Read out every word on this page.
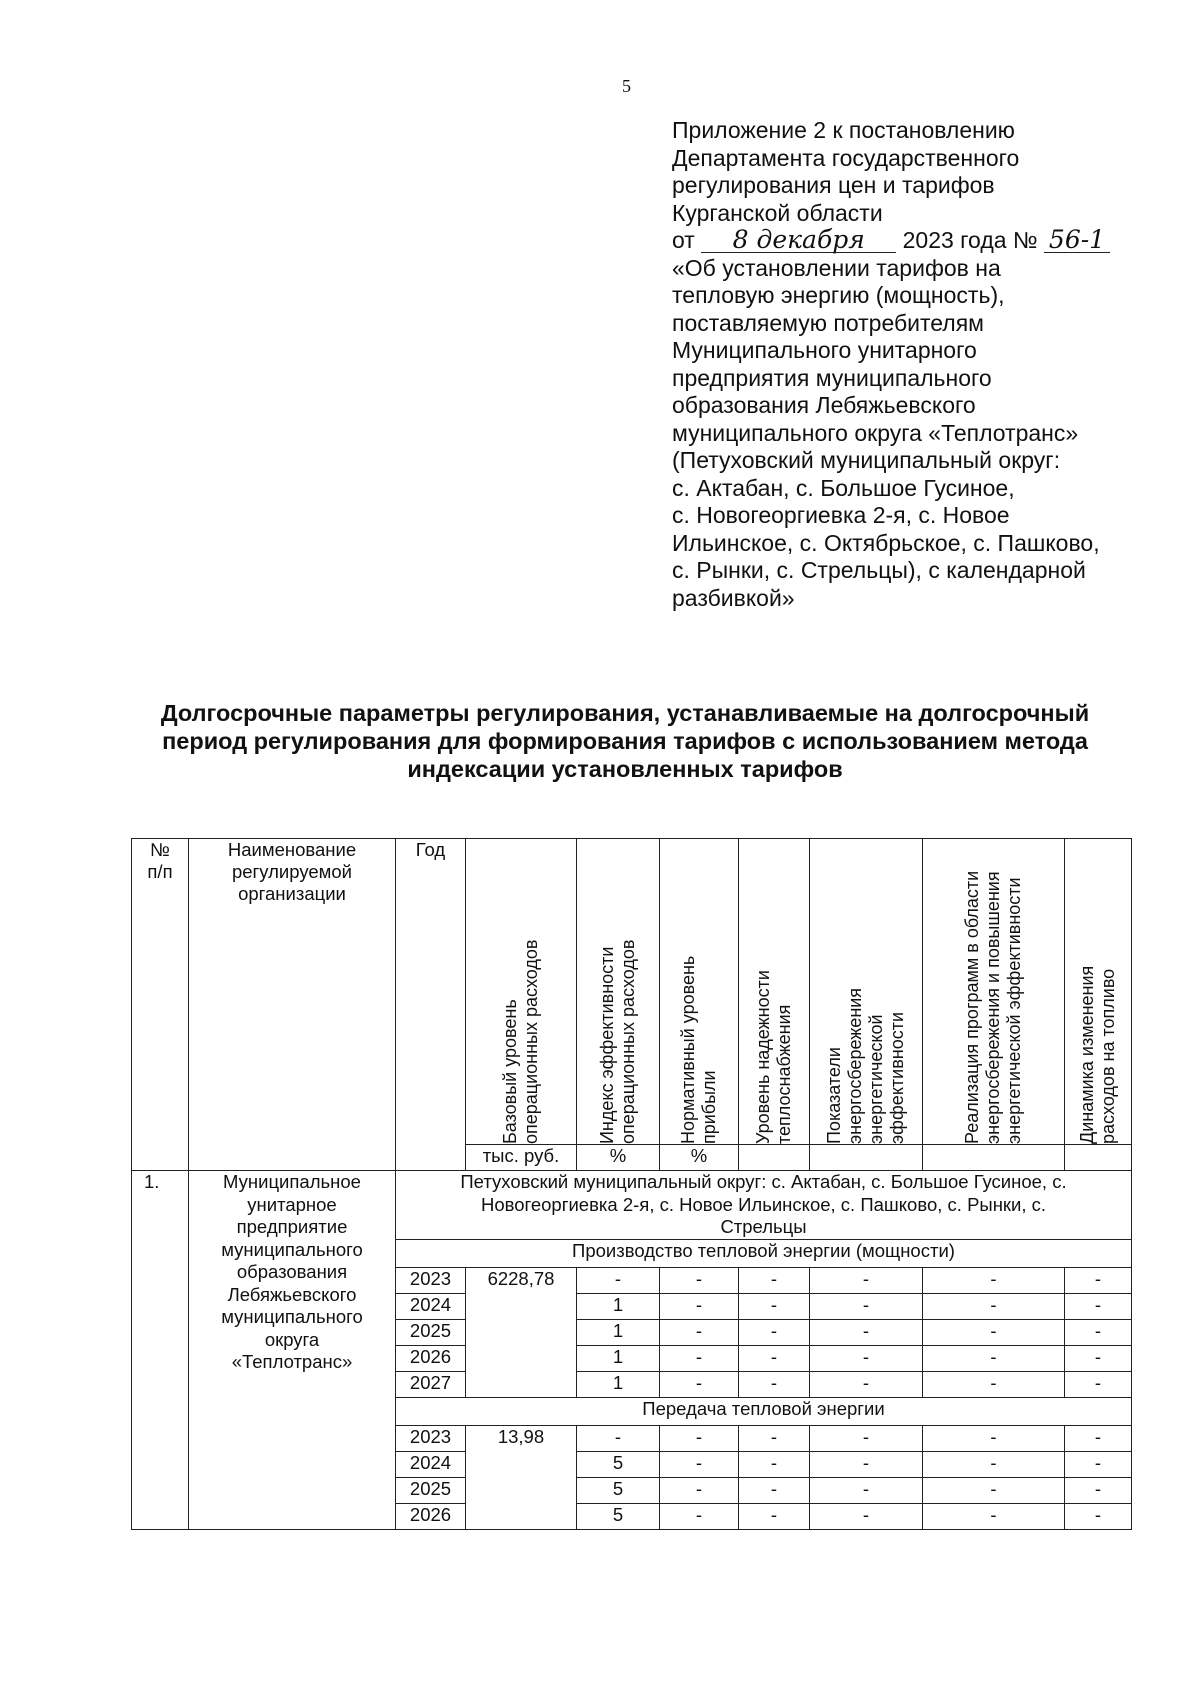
5
Приложение 2 к постановлению
Департамента государственного
регулирования цен и тарифов
Курганской области
от 8 декабря 2023 года № 56-1
«Об установлении тарифов на
тепловую энергию (мощность),
поставляемую потребителям
Муниципального унитарного
предприятия муниципального
образования Лебяжьевского
муниципального округа «Теплотранс»
(Петуховский муниципальный округ:
с. Актабан, с. Большое Гусиное,
с. Новогеоргиевка 2-я, с. Новое
Ильинское, с. Октябрьское, с. Пашково,
с. Рынки, с. Стрельцы), с календарной
разбивкой»
Долгосрочные параметры регулирования, устанавливаемые на долгосрочный
период регулирования для формирования тарифов с использованием метода
индексации установленных тарифов
№ п/п	Наименование регулируемой организации	Год	Базовый уровень операционных расходов	Индекс эффективности операционных расходов	Нормативный уровень прибыли	Уровень надежности теплоснабжения	Показатели энергосбережения энергетической эффективности	Реализация программ в области энергосбережения и повышения энергетической эффективности	Динамика изменения расходов на топливо

			тыс. руб.	%	%				
1.	Муниципальное унитарное предприятие муниципального образования Лебяжьевского муниципального округа «Теплотранс»	Петуховский муниципальный округ: с. Актабан, с. Большое Гусиное, с. Новогеоргиевка 2-я, с. Новое Ильинское, с. Пашково, с. Рынки, с. Стрельцы							
		Производство тепловой энергии (мощности)							
		2023	6228,78	-	-	-	-	-	-
		2024		1	-	-	-	-	-
		2025		1	-	-	-	-	-
		2026		1	-	-	-	-	-
		2027		1	-	-	-	-	-
		Передача тепловой энергии							
		2023	13,98	-	-	-	-	-	-
		2024		5	-	-	-	-	-
		2025		5	-	-	-	-	-
		2026		5	-	-	-	-	-
